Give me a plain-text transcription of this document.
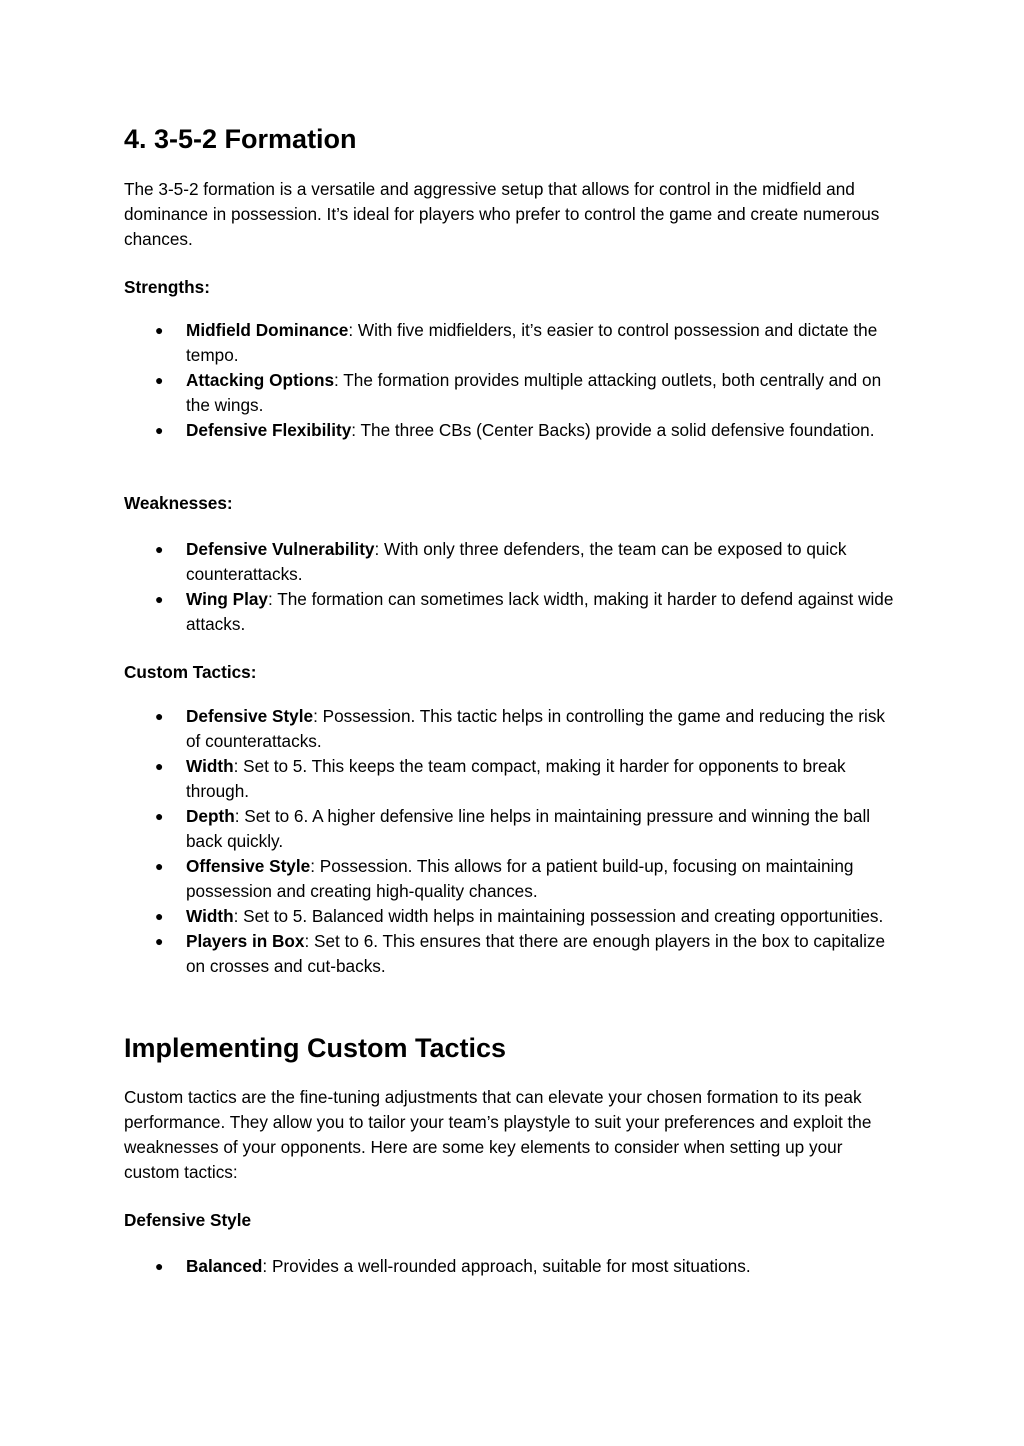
4. 3-5-2 Formation

The 3-5-2 formation is a versatile and aggressive setup that allows for control in the midfield and dominance in possession. It’s ideal for players who prefer to control the game and create numerous chances.

Strengths:
● Midfield Dominance: With five midfielders, it’s easier to control possession and dictate the tempo.
● Attacking Options: The formation provides multiple attacking outlets, both centrally and on the wings.
● Defensive Flexibility: The three CBs (Center Backs) provide a solid defensive foundation.
Weaknesses:
● Defensive Vulnerability: With only three defenders, the team can be exposed to quick counterattacks.
● Wing Play: The formation can sometimes lack width, making it harder to defend against wide attacks.
Custom Tactics:
● Defensive Style: Possession. This tactic helps in controlling the game and reducing the risk of counterattacks.
● Width: Set to 5. This keeps the team compact, making it harder for opponents to break through.
● Depth: Set to 6. A higher defensive line helps in maintaining pressure and winning the ball back quickly.
● Offensive Style: Possession. This allows for a patient build-up, focusing on maintaining possession and creating high-quality chances.
● Width: Set to 5. Balanced width helps in maintaining possession and creating opportunities.
● Players in Box: Set to 6. This ensures that there are enough players in the box to capitalize on crosses and cut-backs.
Implementing Custom Tactics

Custom tactics are the fine-tuning adjustments that can elevate your chosen formation to its peak performance. They allow you to tailor your team’s playstyle to suit your preferences and exploit the weaknesses of your opponents. Here are some key elements to consider when setting up your custom tactics:

Defensive Style
● Balanced: Provides a well-rounded approach, suitable for most situations.
